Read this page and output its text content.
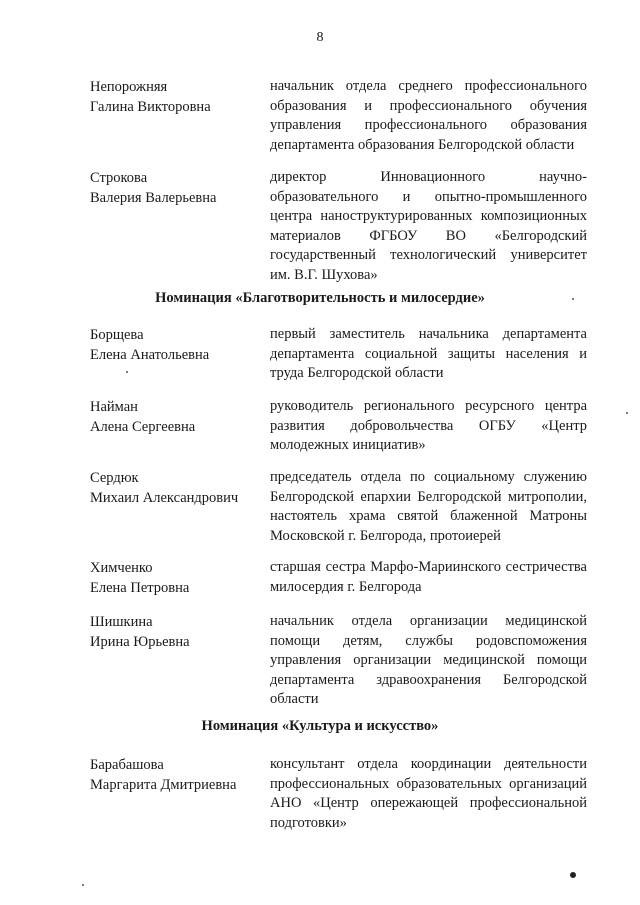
8
Непорожняя
Галина Викторовна
начальник отдела среднего профессионального образования и профессионального обучения управления профессионального образования департамента образования Белгородской области
Строкова
Валерия Валерьевна
директор Инновационного научно-образовательного и опытно-промышленного центра наноструктурированных композиционных материалов ФГБОУ ВО «Белгородский государственный технологический университет им. В.Г. Шухова»
Номинация «Благотворительность и милосердие»
Борщева
Елена Анатольевна
первый заместитель начальника департамента департамента социальной защиты населения и труда Белгородской области
Найман
Алена Сергеевна
руководитель регионального ресурсного центра развития добровольчества ОГБУ «Центр молодежных инициатив»
Сердюк
Михаил Александрович
председатель отдела по социальному служению Белгородской епархии Белгородской митрополии, настоятель храма святой блаженной Матроны Московской г. Белгорода, протоиерей
Химченко
Елена Петровна
старшая сестра Марфо-Мариинского сестричества милосердия г. Белгорода
Шишкина
Ирина Юрьевна
начальник отдела организации медицинской помощи детям, службы родовспоможения управления организации медицинской помощи департамента здравоохранения Белгородской области
Номинация «Культура и искусство»
Барабашова
Маргарита Дмитриевна
консультант отдела координации деятельности профессиональных образовательных организаций АНО «Центр опережающей профессиональной подготовки»
